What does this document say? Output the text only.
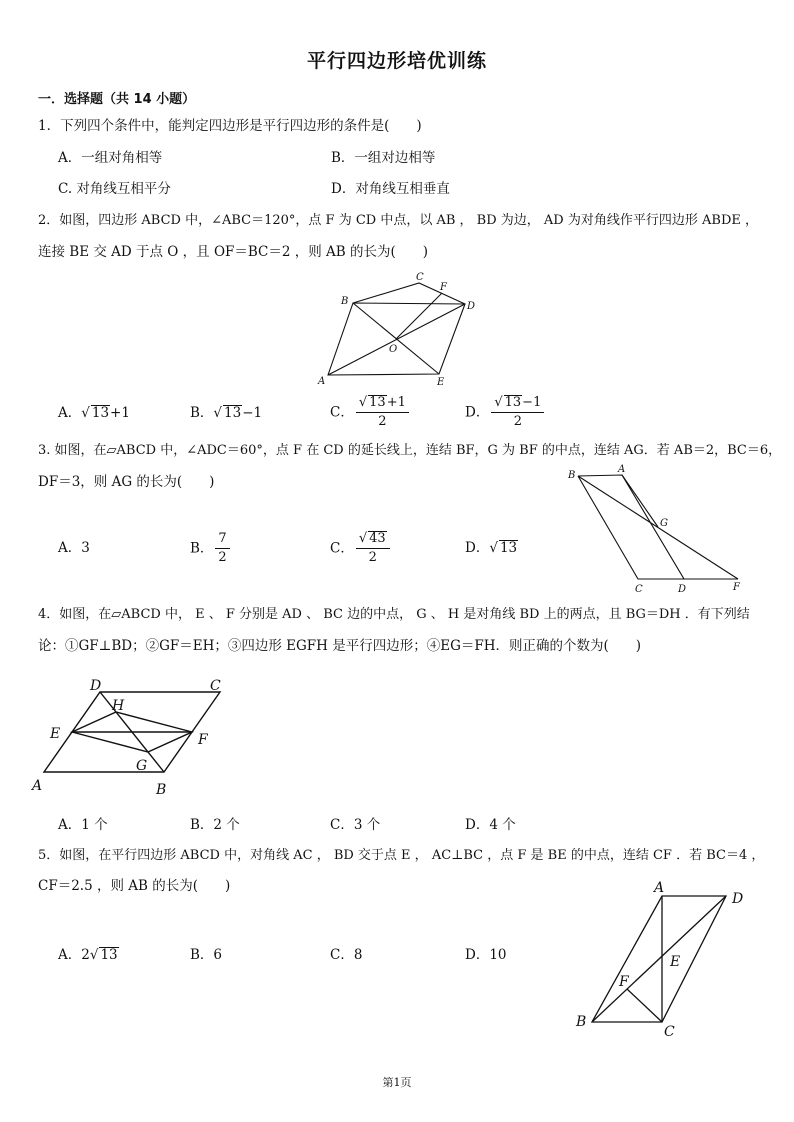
平行四边形培优训练
一．选择题（共 14 小题）
1．下列四个条件中，能判定四边形是平行四边形的条件是(　　)
A．一组对角相等	B．一组对边相等
C. 对角线互相平分	D．对角线互相垂直
2．如图，四边形 ABCD 中，∠ABC＝120°，点 F 为 CD 中点，以 AB ， BD 为边， AD 为对角线作平行四边形 ABDE ，
连接 BE 交 AD 于点 O ，且 OF＝BC＝2 ，则 AB 的长为(　　)
A
B
C
D
E
F
O
A．√ 13+1	B．√ 13−1	C． $\frac{√ 13+1}{2}$	D． $\frac{√ 13-1}{2}$
3. 如图，在▱ABCD 中，∠ADC＝60°，点 F 在 CD 的延长线上，连结 BF，G 为 BF 的中点，连结 AG．若 AB＝2，BC＝6，
DF＝3，则 AG 的长为(　　)
A
B
C	D	F
G
A．3	B． $\frac{7}{2}$	C． $\frac{√ 43}{2}$	D．√ 13
4．如图，在▱ABCD 中， E 、 F 分别是 AD 、 BC 边的中点， G 、 H 是对角线 BD 上的两点，且 BG＝DH ．有下列结
论：①GF⊥BD；②GF＝EH；③四边形 EGFH 是平行四边形；④EG＝FH．则正确的个数为(　　)
A	B
C
D
E	F
G
H
A．1 个	B．2 个	C．3 个	D．4 个
5．如图，在平行四边形 ABCD 中，对角线 AC ， BD 交于点 E ， AC⊥BC ，点 F 是 BE 的中点，连结 CF ．若 BC＝4 ，
CF＝2.5 ，则 AB 的长为(　　)	A
B
C
D
E
F
A．2√ 13	B．6	C．8	D．10
第1页
